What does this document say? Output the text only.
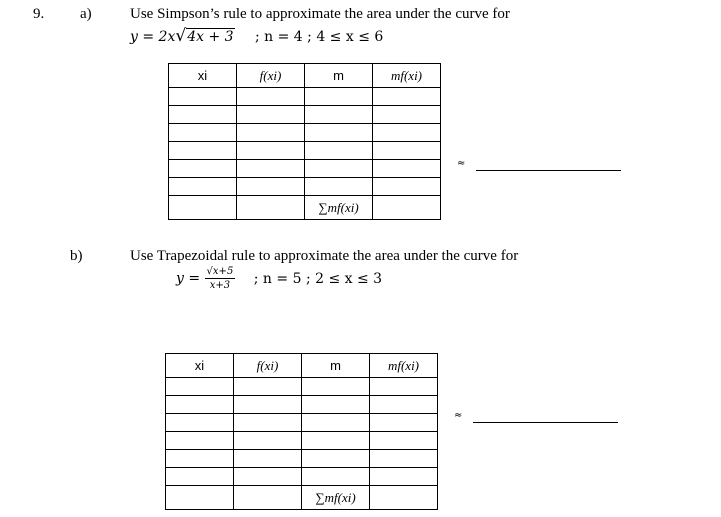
9. a)	Use Simpson’s rule to approximate the area under the curve for
y = 2x√4x + 3 ; n = 4 ; 4 ≤ x ≤ 6
xi	f(xi)	m	mf(xi)

		∑mf(xi)	
≈
b)	Use Trapezoidal rule to approximate the area under the curve for
$y = \frac{√x+5}{x+3}$ ; n = 5 ; 2 ≤ x ≤ 3
xi	f(xi)	m	mf(xi)

		∑mf(xi)	
≈
